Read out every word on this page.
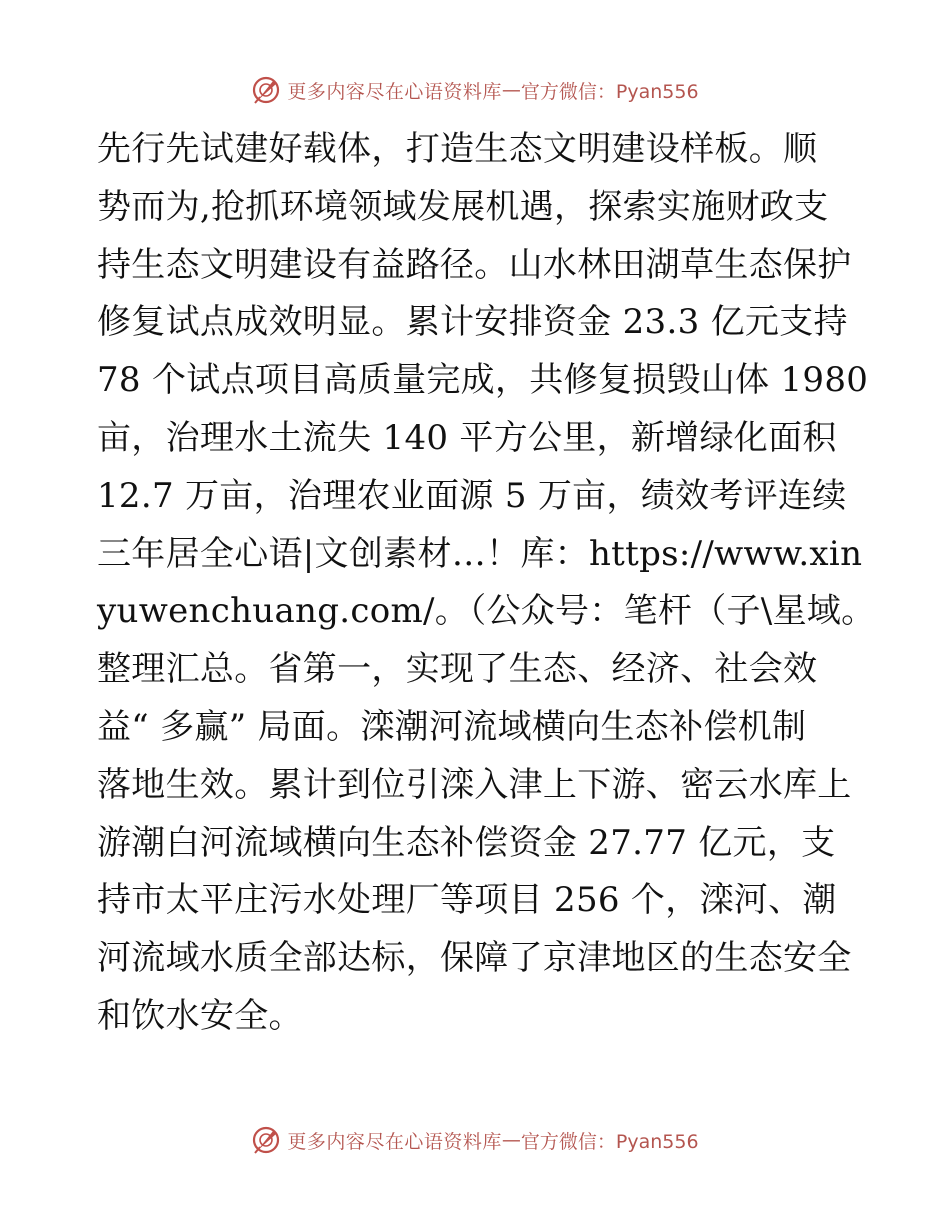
更多内容尽在心语资料库 — 官方微信：Pyan556
先行先试建好载体，打造生态文明建设样板。顺
势而为,抢抓环境领域发展机遇，探索实施财政支
持生态文明建设有益路径。山水林田湖草生态保护
修复试点成效明显。累计安排资金 23.3 亿元支持
78 个试点项目高质量完成，共修复损毁山体 1980
亩，治理水土流失 140 平方公里，新增绿化面积
12.7 万亩，治理农业面源 5 万亩，绩效考评连续
三年居全心语|文创素材…！库：https://www.xin
yuwenchuang.com/。（公众号：笔杆（子\星域。
整理汇总。省第一，实现了生态、经济、社会效
益“ 多赢” 局面。滦潮河流域横向生态补偿机制
落地生效。累计到位引滦入津上下游、密云水库上
游潮白河流域横向生态补偿资金 27.77 亿元，支
持市太平庄污水处理厂等项目 256 个，滦河、潮
河流域水质全部达标，保障了京津地区的生态安全
和饮水安全。
更多内容尽在心语资料库 — 官方微信：Pyan556
